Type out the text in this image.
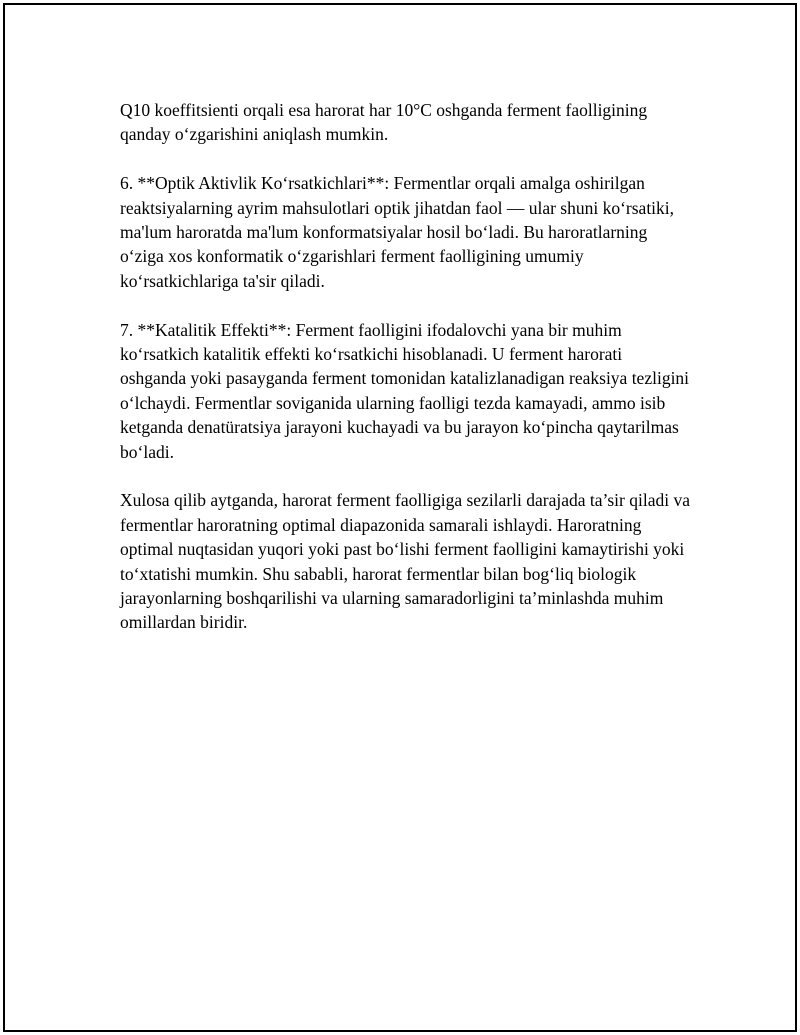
Q10 koeffitsienti orqali esa harorat har 10°C oshganda ferment faolligining qanday oʻzgarishini aniqlash mumkin.

6. **Optik Aktivlik Koʻrsatkichlari**: Fermentlar orqali amalga oshirilgan reaktsiyalarning ayrim mahsulotlari optik jihatdan faol — ular shuni koʻrsatiki, ma'lum haroratda ma'lum konformatsiyalar hosil boʻladi. Bu haroratlarning oʻziga xos konformatik oʻzgarishlari ferment faolligining umumiy koʻrsatkichlariga ta'sir qiladi.

7. **Katalitik Effekti**: Ferment faolligini ifodalovchi yana bir muhim koʻrsatkich katalitik effekti koʻrsatkichi hisoblanadi. U ferment harorati oshganda yoki pasayganda ferment tomonidan katalizlanadigan reaksiya tezligini oʻlchaydi. Fermentlar soviganida ularning faolligi tezda kamayadi, ammo isib ketganda denatüratsiya jarayoni kuchayadi va bu jarayon koʻpincha qaytarilmas boʻladi.

Xulosa qilib aytganda, harorat ferment faolligiga sezilarli darajada ta’sir qiladi va fermentlar haroratning optimal diapazonida samarali ishlaydi. Haroratning optimal nuqtasidan yuqori yoki past boʻlishi ferment faolligini kamaytirishi yoki toʻxtatishi mumkin. Shu sababli, harorat fermentlar bilan bogʻliq biologik jarayonlarning boshqarilishi va ularning samaradorligini ta’minlashda muhim omillardan biridir.
